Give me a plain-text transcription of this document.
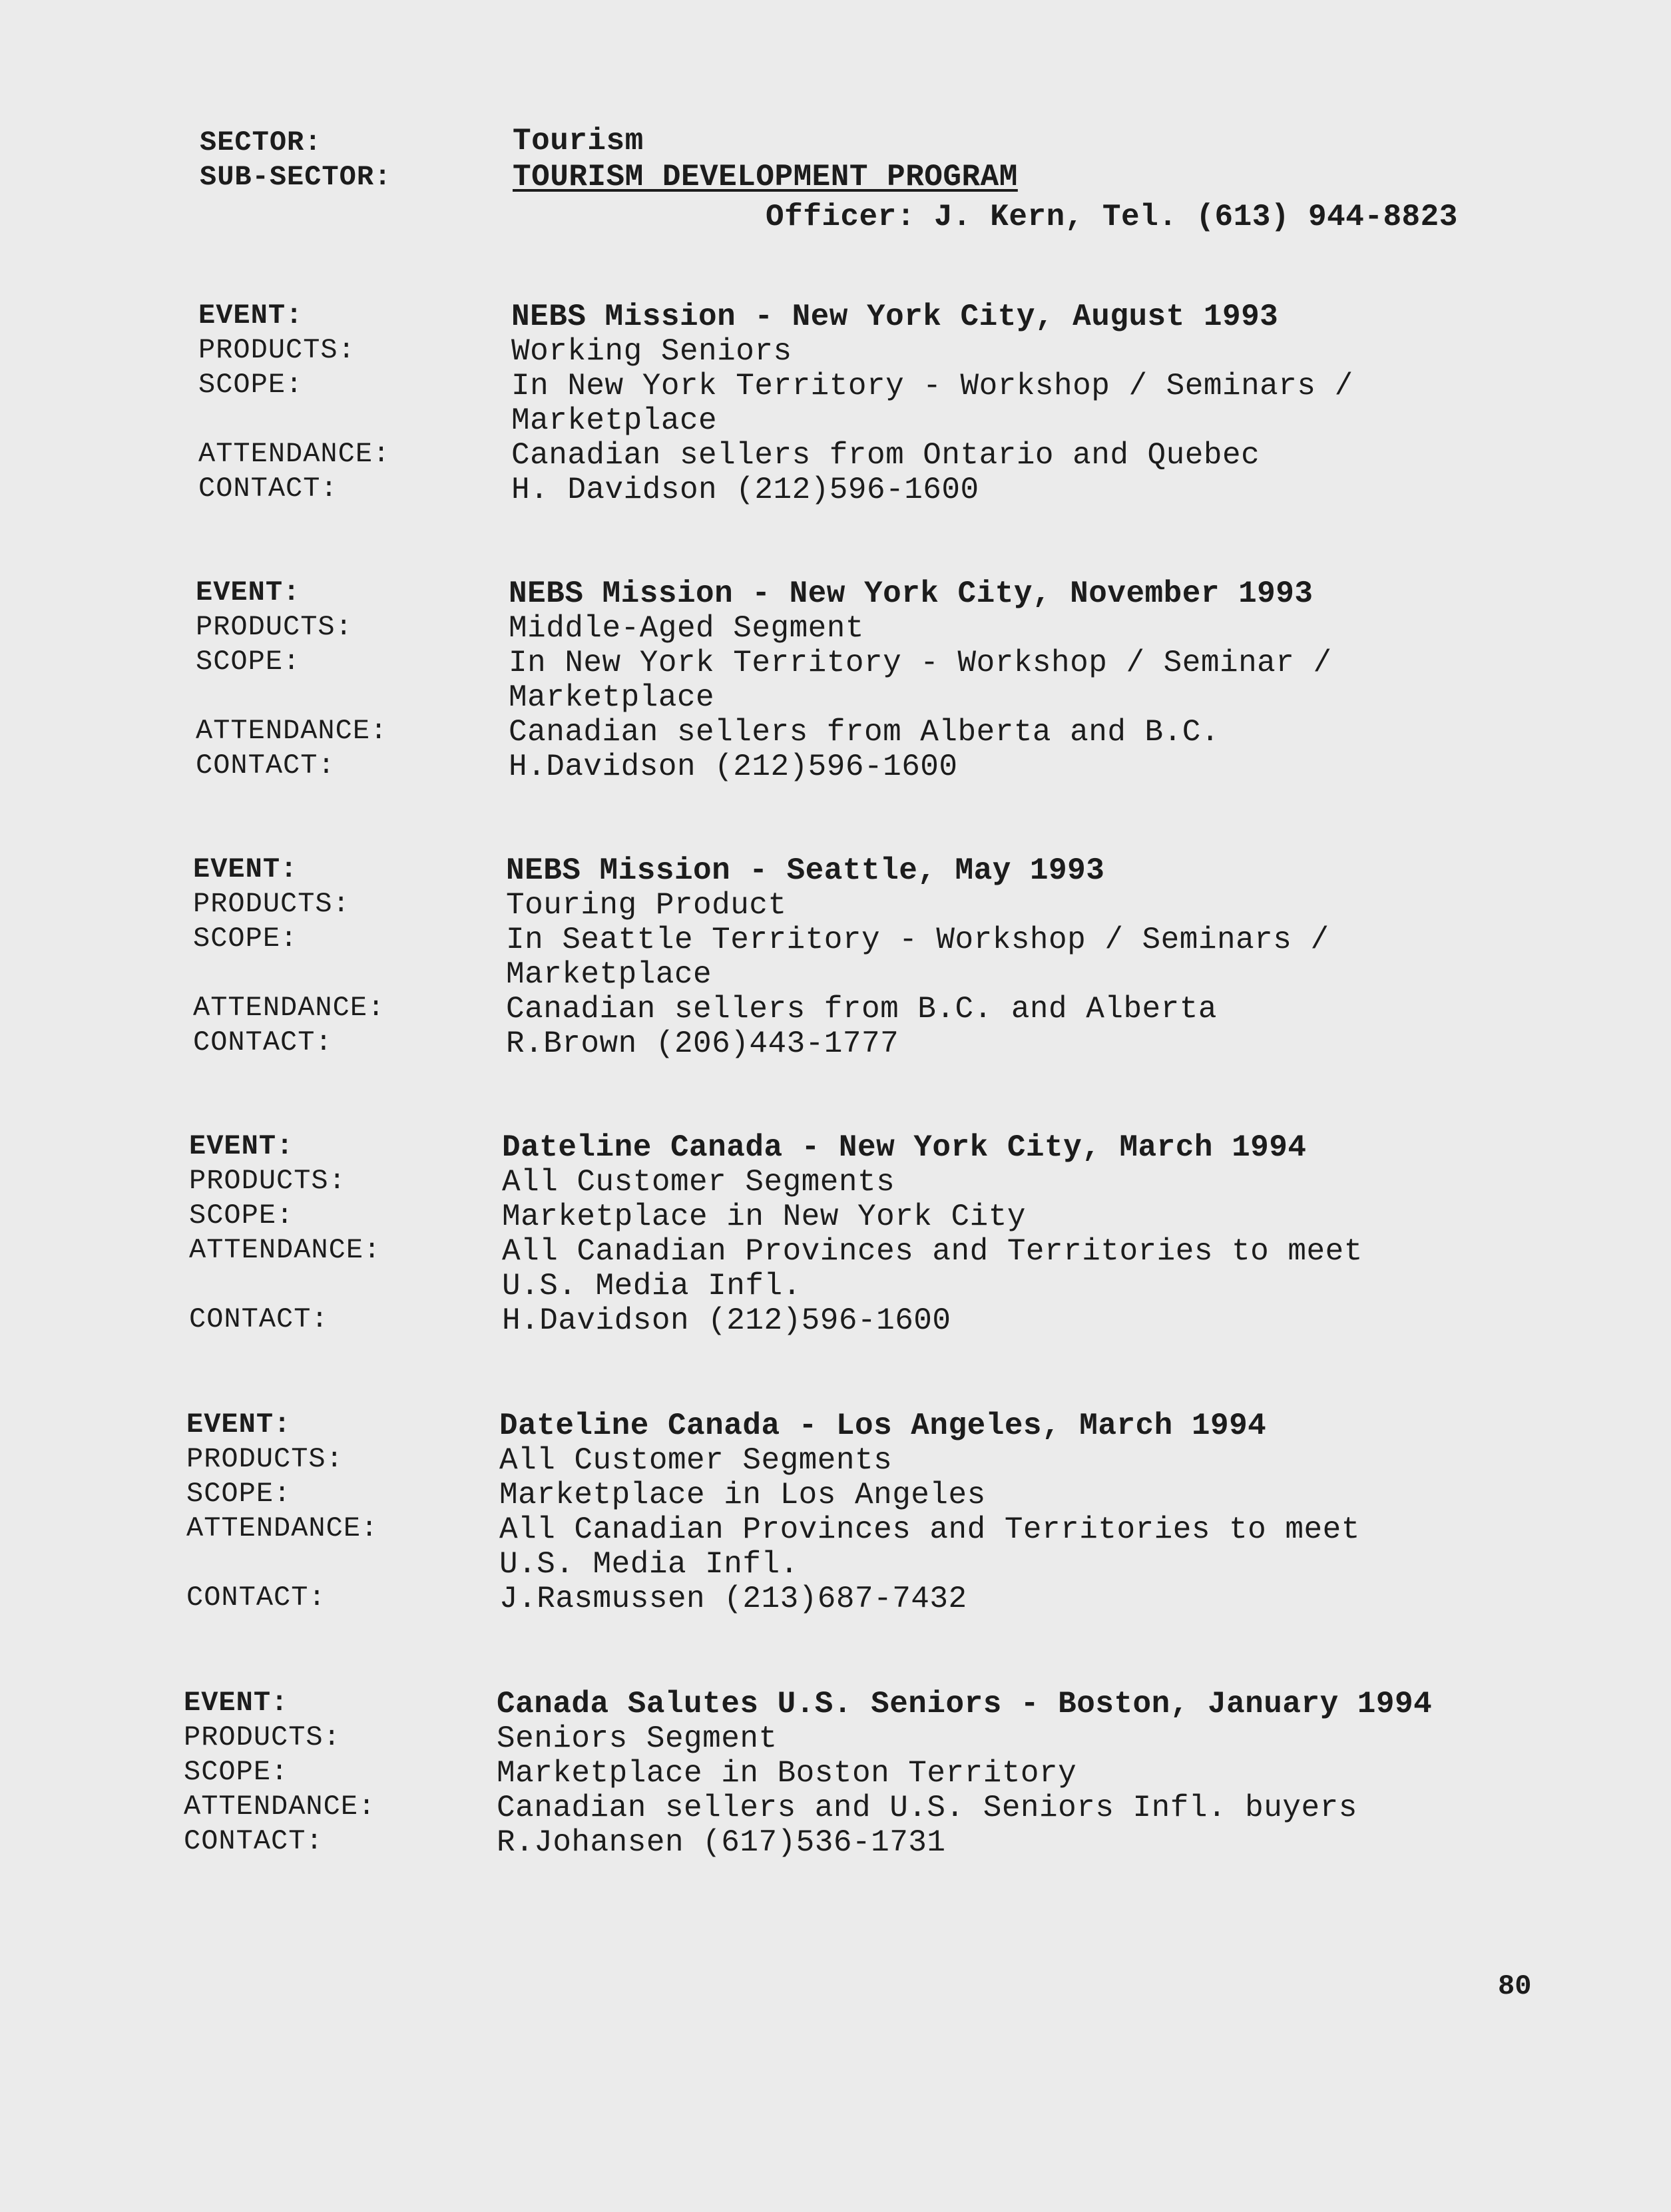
SECTOR:	Tourism
SUB-SECTOR:	TOURISM DEVELOPMENT PROGRAM
Officer: J. Kern, Tel. (613) 944-8823
EVENT:
PRODUCTS:
SCOPE:
ATTENDANCE:
CONTACT:
NEBS Mission - New York City, August 1993
Working Seniors
In New York Territory - Workshop / Seminars /
Marketplace
Canadian sellers from Ontario and Quebec
H. Davidson (212)596-1600
EVENT:
PRODUCTS:
SCOPE:
ATTENDANCE:
CONTACT:
NEBS Mission - New York City, November 1993
Middle-Aged Segment
In New York Territory - Workshop / Seminar /
Marketplace
Canadian sellers from Alberta and B.C.
H.Davidson (212)596-1600
EVENT:
PRODUCTS:
SCOPE:
ATTENDANCE:
CONTACT:
NEBS Mission - Seattle, May 1993
Touring Product
In Seattle Territory - Workshop / Seminars /
Marketplace
Canadian sellers from B.C. and Alberta
R.Brown (206)443-1777
EVENT:
PRODUCTS:
SCOPE:
ATTENDANCE:
CONTACT:
Dateline Canada - New York City, March 1994
All Customer Segments
Marketplace in New York City
All Canadian Provinces and Territories to meet
U.S. Media Infl.
H.Davidson (212)596-1600
EVENT:
PRODUCTS:
SCOPE:
ATTENDANCE:
CONTACT:
Dateline Canada - Los Angeles, March 1994
All Customer Segments
Marketplace in Los Angeles
All Canadian Provinces and Territories to meet
U.S. Media Infl.
J.Rasmussen (213)687-7432
EVENT:
PRODUCTS:
SCOPE:
ATTENDANCE:
CONTACT:
Canada Salutes U.S. Seniors - Boston, January 1994
Seniors Segment
Marketplace in Boston Territory
Canadian sellers and U.S. Seniors Infl. buyers
R.Johansen (617)536-1731
80
